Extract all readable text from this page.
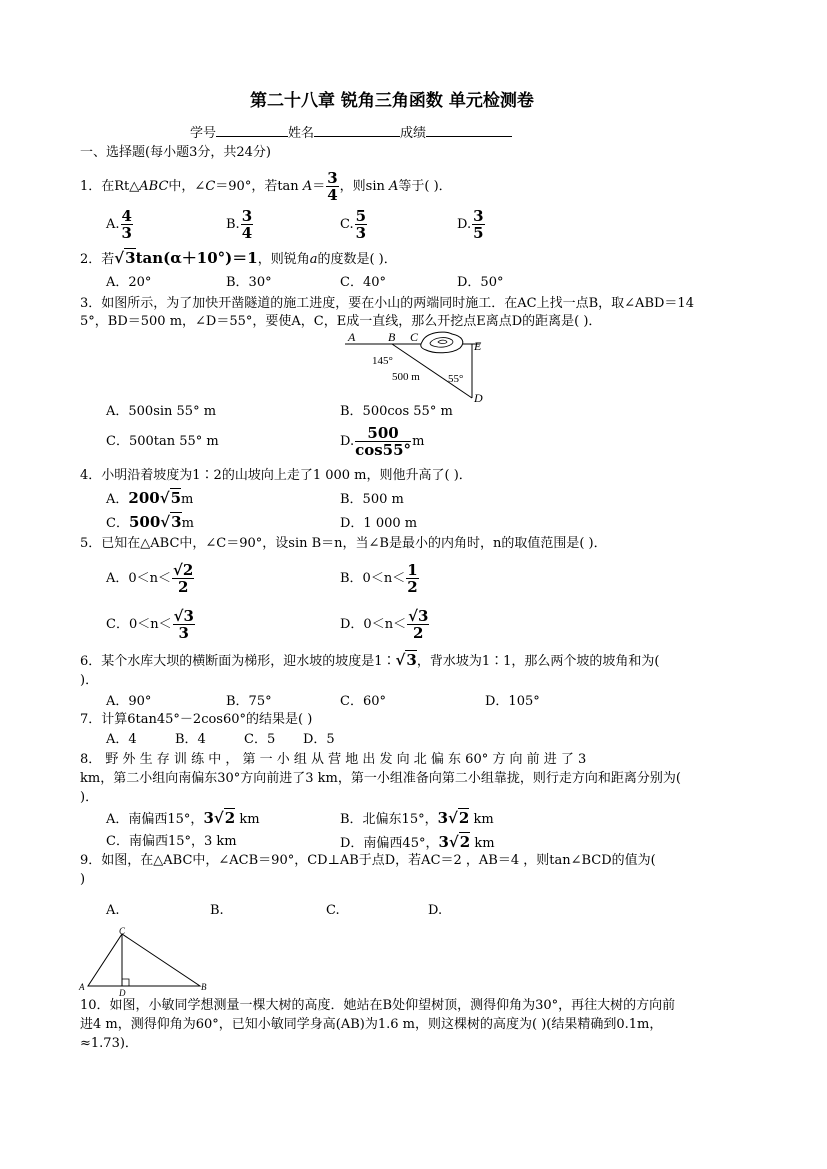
第二十八章 锐角三角函数 单元检测卷
学号	姓名	成绩
一、选择题(每小题3分，共24分)
1．在Rt△ABC中，∠C＝90°，若$\tan A= \frac{3}{4}$ ，则sin A等于( )．
A. $\frac{4}{3}$	B. $\frac{3}{4}$	C. $\frac{5}{3}$	D. $\frac{3}{5}$
2．若√3tan(α＋10°)＝1，则锐角a的度数是( )．
A．20°	B．30°	C．40°	D．50°
3．如图所示，为了加快开凿隧道的施工进度，要在小山的两端同时施工．在AC上找一点B，取∠ABD＝14
5°，BD＝500 m，∠D＝55°，要使A，C，E成一直线，那么开挖点E离点D的距离是( )．
A	B C
E
D
145°
500 m	55°
A．500sin 55° m	B．500cos 55° m
C．500tan 55° m	D. $\frac{500}{\cos 55^\circ}$ m
4．小明沿着坡度为1∶2的山坡向上走了1 000 m，则他升高了( )．
A．200√5m	B．500 m
C．500√3m	D．1 000 m
5．已知在△ABC中，∠C＝90°，设sin B＝n，当∠B是最小的内角时，n的取值范围是( )．
A．$0<n< \frac{√2}{2}$	B．$0<n< \frac{1}{2}$
C．$0<n< \frac{√3}{3}$	D．$0<n< \frac{√3}{2}$
6．某个水库大坝的横断面为梯形，迎水坡的坡度是1∶√3，背水坡为1∶1，那么两个坡的坡角和为(
)．
A．90°	B．75°	C．60°	D．105°
7．计算6tan45°－2cos60°的结果是( )
A．4	B．4	C．5 D．5
8． 野 外 生 存 训 练 中 ， 第 一 小 组 从 营 地 出 发 向 北 偏 东 60° 方 向 前 进 了 3
km，第二小组向南偏东30°方向前进了3 km，第一小组准备向第二小组靠拢，则行走方向和距离分别为(
)．
A．南偏西15°，3√2 km	B．北偏东15°，3√2 km
C．南偏西15°，3 km	D．南偏西45°，3√2 km
9．如图，在△ABC中，∠ACB＝90°，CD⊥AB于点D，若AC＝2 ，AB＝4 ，则tan∠BCD的值为(
)
A.	B.	C.	D.
A	B
C
D
10．如图，小敏同学想测量一棵大树的高度．她站在B处仰望树顶，测得仰角为30°，再往大树的方向前
进4 m，测得仰角为60°，已知小敏同学身高(AB)为1.6 m，则这棵树的高度为( )(结果精确到0.1m，
≈1.73)．
